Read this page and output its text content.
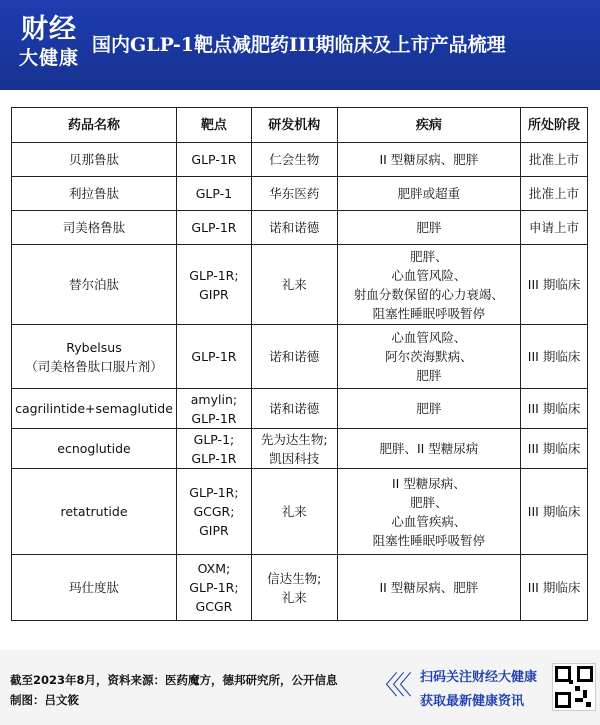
财经
大健康
国内GLP-1靶点减肥药III期临床及上市产品梳理
药品名称	靶点	研发机构	疾病	所处阶段

贝那鲁肽	GLP-1R	仁会生物	II 型糖尿病、肥胖	批准上市

利拉鲁肽	GLP-1	华东医药	肥胖或超重	批准上市

司美格鲁肽	GLP-1R	诺和诺德	肥胖	申请上市

替尔泊肽	GLP-1R;
GIPR	礼来	肥胖、
心血管风险、
射血分数保留的心力衰竭、
阻塞性睡眠呼吸暂停	III 期临床

Rybelsus
（司美格鲁肽口服片剂）	GLP-1R	诺和诺德	心血管风险、
阿尔茨海默病、
肥胖	III 期临床

cagrilintide+semaglutide	amylin;
GLP-1R	诺和诺德	肥胖	III 期临床

ecnoglutide	GLP-1;
GLP-1R	先为达生物;
凯因科技	肥胖、II 型糖尿病	III 期临床

retatrutide	GLP-1R;
GCGR;
GIPR	礼来	II 型糖尿病、
肥胖、
心血管疾病、
阻塞性睡眠呼吸暂停	III 期临床

玛仕度肽	OXM;
GLP-1R;
GCGR	信达生物;
礼来	II 型糖尿病、肥胖	III 期临床
截至2023年8月，资料来源：医药魔方，德邦研究所，公开信息
制图：吕文筱	〈〈〈 扫码关注财经大健康
获取最新健康资讯
